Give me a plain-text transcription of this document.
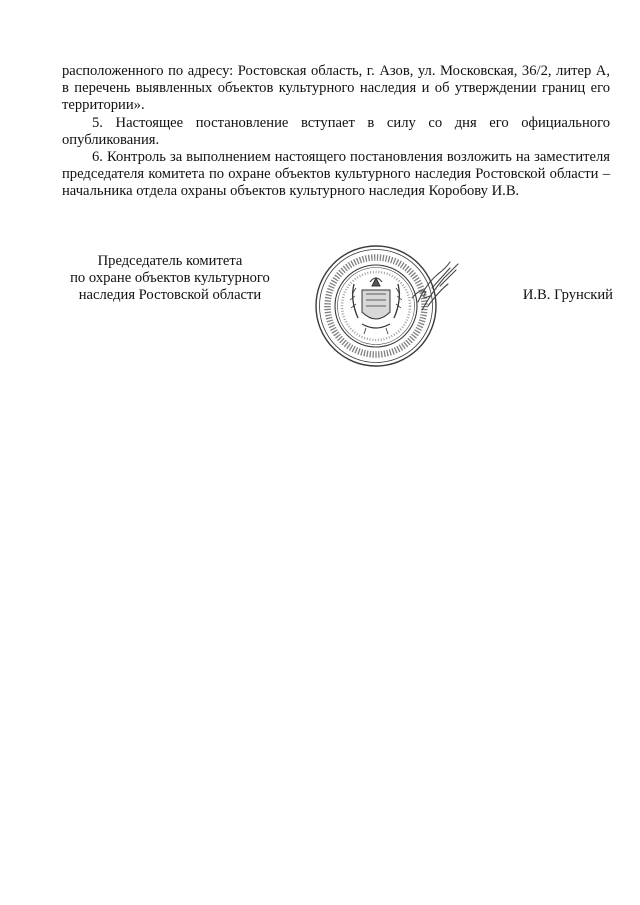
расположенного по адресу: Ростовская область, г. Азов, ул. Московская, 36/2, литер А, в перечень выявленных объектов культурного наследия и об утверждении границ его территории».

5. Настоящее постановление вступает в силу со дня его официального опубликования.

6. Контроль за выполнением настоящего постановления возложить на заместителя председателя комитета по охране объектов культурного наследия Ростовской области – начальника отдела охраны объектов культурного наследия Коробову И.В.

Председатель комитета
по охране объектов культурного
наследия Ростовской области	И.В. Грунский
